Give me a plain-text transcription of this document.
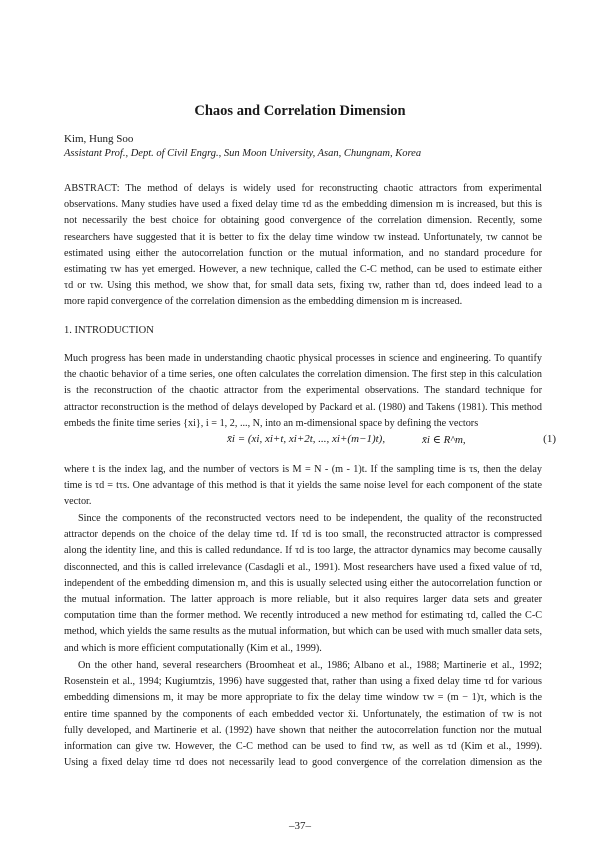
Chaos and Correlation Dimension
Kim, Hung Soo
Assistant Prof., Dept. of Civil Engrg., Sun Moon University, Asan, Chungnam, Korea
ABSTRACT: The method of delays is widely used for reconstructing chaotic attractors from experimental
observations. Many studies have used a fixed delay time τd as the embedding dimension m is increased, but this is
not necessarily the best choice for obtaining good convergence of the correlation dimension. Recently, some
researchers have suggested that it is better to fix the delay time window τw instead. Unfortunately, τw cannot be
estimated using either the autocorrelation function or the mutual information, and no standard procedure for
estimating τw has yet emerged. However, a new technique, called the C-C method, can be used to estimate either
τd or τw. Using this method, we show that, for small data sets, fixing τw, rather than τd, does indeed lead to a
more rapid convergence of the correlation dimension as the embedding dimension m is increased.
1. INTRODUCTION
Much progress has been made in understanding chaotic physical processes in science and engineering. To quantify
the chaotic behavior of a time series, one often calculates the correlation dimension. The first step in this calculation
is the reconstruction of the chaotic attractor from the experimental observations. The standard technique for
attractor reconstruction is the method of delays developed by Packard et al. (1980) and Takens (1981). This method
embeds the finite time series {xi}, i = 1, 2, ..., N, into an m-dimensional space by defining the vectors
x̄i = (xi, xi+t, xi+2t, ..., xi+(m−1)t),	x̄i ∈ R^m,	(1)
where t is the index lag, and the number of vectors is M = N - (m - 1)t. If the sampling time is τs, then the delay
time is τd = tτs. One advantage of this method is that it yields the same noise level for each component of the state
vector.
Since the components of the reconstructed vectors need to be independent, the quality of the reconstructed
attractor depends on the choice of the delay time τd. If τd is too small, the reconstructed attractor is compressed
along the identity line, and this is called redundance. If τd is too large, the attractor dynamics may become causally
disconnected, and this is called irrelevance (Casdagli et al., 1991). Most researchers have used a fixed value of τd,
independent of the embedding dimension m, and this is usually selected using either the autocorrelation function or
the mutual information. The latter approach is more reliable, but it also requires larger data sets and greater
computation time than the former method. We recently introduced a new method for estimating τd, called the C-C
method, which yields the same results as the mutual information, but which can be used with much smaller data sets,
and which is more efficient computationally (Kim et al., 1999).
On the other hand, several researchers (Broomheat et al., 1986; Albano et al., 1988; Martinerie et al., 1992;
Rosenstein et al., 1994; Kugiumtzis, 1996) have suggested that, rather than using a fixed delay time τd for various
embedding dimensions m, it may be more appropriate to fix the delay time window τw = (m − 1)τ, which is the
entire time spanned by the components of each embedded vector x̄i. Unfortunately, the estimation of τw is not
fully developed, and Martinerie et al. (1992) have shown that neither the autocorrelation function nor the mutual
information can give τw. However, the C-C method can be used to find τw, as well as τd (Kim et al., 1999).
Using a fixed delay time τd does not necessarily lead to good convergence of the correlation dimension as the
–37–
